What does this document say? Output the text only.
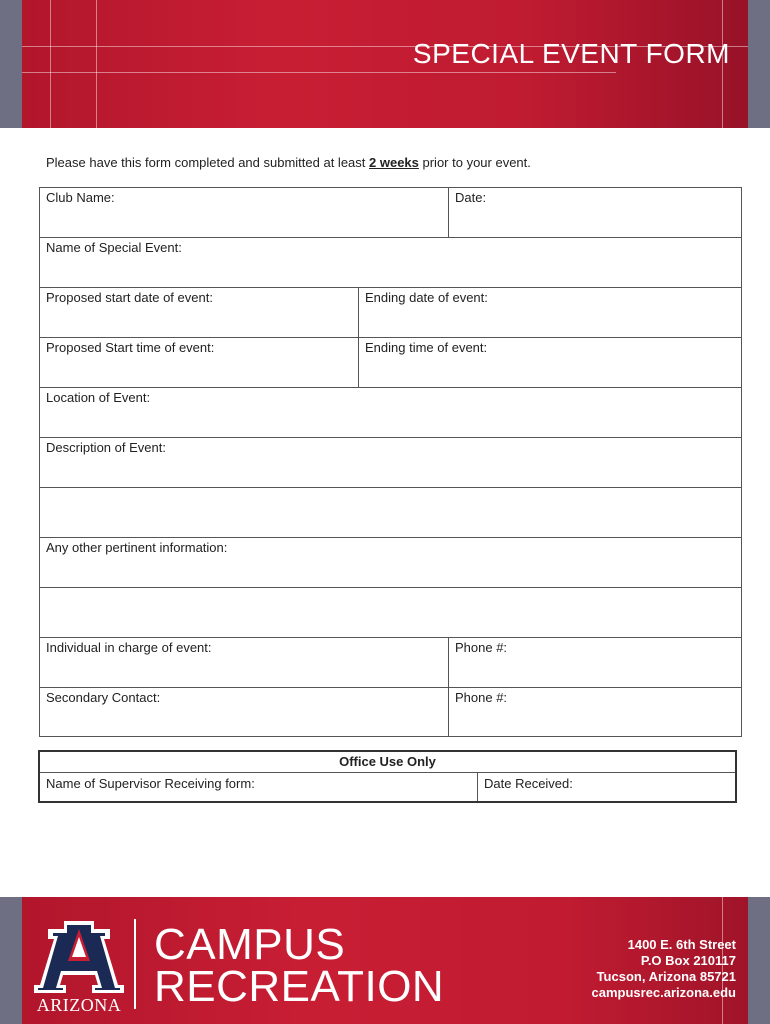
SPECIAL EVENT FORM
Please have this form completed and submitted at least 2 weeks prior to your event.
Club Name:	Date:
Name of Special Event:
Proposed start date of event:	Ending date of event:
Proposed Start time of event:	Ending time of event:
Location of Event:
Description of Event:
Any other pertinent information:
Individual in charge of event:	Phone #:
Secondary Contact:	Phone #:
Office Use Only
Name of Supervisor Receiving form:	Date Received:
ARIZONA
CAMPUS
RECREATION
1400 E. 6th Street
P.O Box 210117
Tucson, Arizona 85721
campusrec.arizona.edu
